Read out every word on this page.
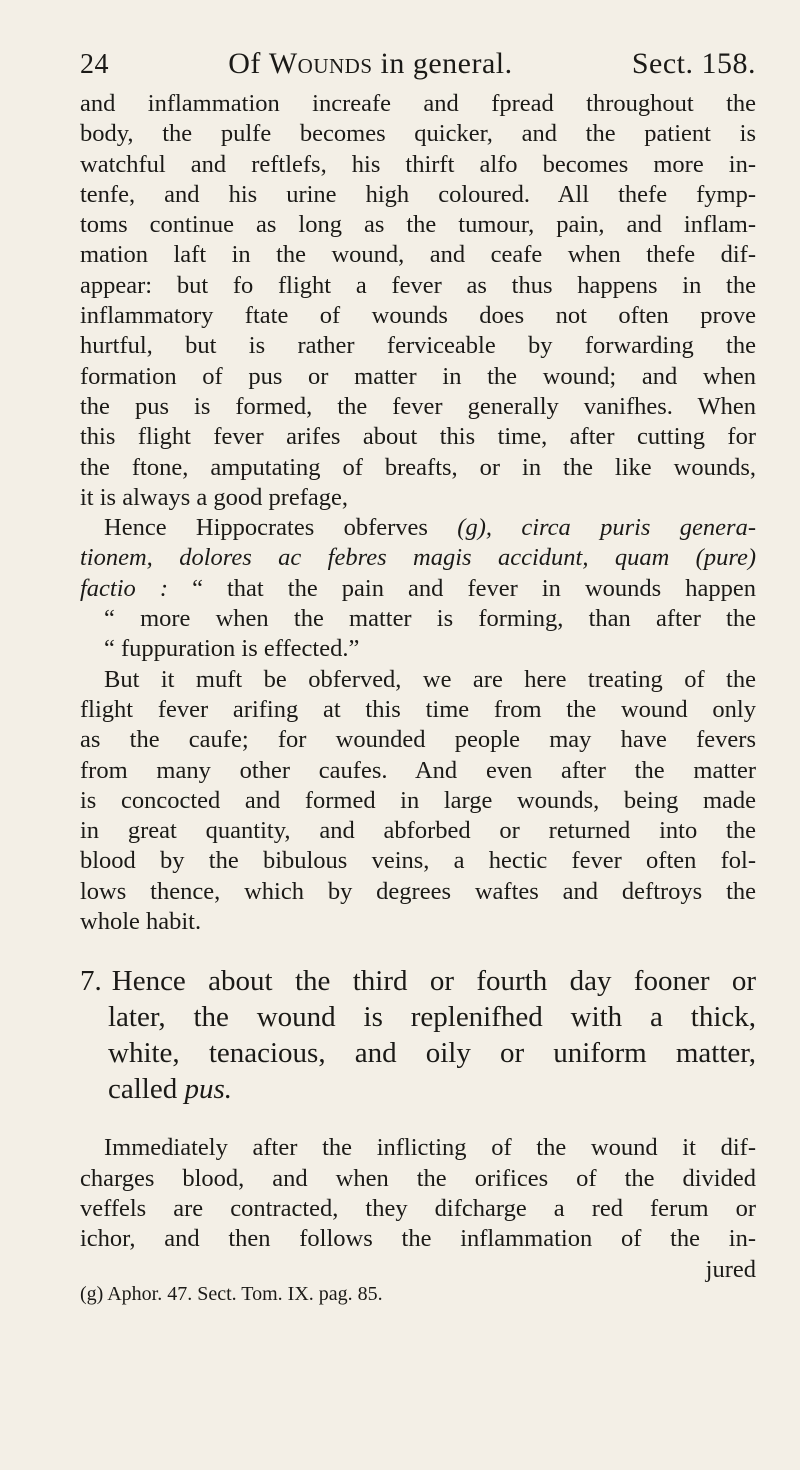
24	Of Wounds in general.	Sect. 158.
and inflammation increafe and fpread throughout the
body, the pulfe becomes quicker, and the patient is
watchful and reftlefs, his thirft alfo becomes more in-
tenfe, and his urine high coloured. All thefe fymp-
toms continue as long as the tumour, pain, and inflam-
mation laft in the wound, and ceafe when thefe dif-
appear: but fo flight a fever as thus happens in the
inflammatory ftate of wounds does not often prove
hurtful, but is rather ferviceable by forwarding the
formation of pus or matter in the wound; and when
the pus is formed, the fever generally vanifhes. When
this flight fever arifes about this time, after cutting for
the ftone, amputating of breafts, or in the like wounds,
it is always a good prefage,
Hence Hippocrates obferves (g), circa puris genera-
tionem, dolores ac febres magis accidunt, quam (pure)
factio : “ that the pain and fever in wounds happen
“ more when the matter is forming, than after the
“ fuppuration is effected.”
But it muft be obferved, we are here treating of the
flight fever arifing at this time from the wound only
as the caufe; for wounded people may have fevers
from many other caufes. And even after the matter
is concocted and formed in large wounds, being made
in great quantity, and abforbed or returned into the
blood by the bibulous veins, a hectic fever often fol-
lows thence, which by degrees waftes and deftroys the
whole habit.
7. Hence about the third or fourth day fooner or
later, the wound is replenifhed with a thick,
white, tenacious, and oily or uniform matter,
called pus.
Immediately after the inflicting of the wound it dif-
charges blood, and when the orifices of the divided
veffels are contracted, they difcharge a red ferum or
ichor, and then follows the inflammation of the in-
jured
(g) Aphor. 47. Sect. Tom. IX. pag. 85.
